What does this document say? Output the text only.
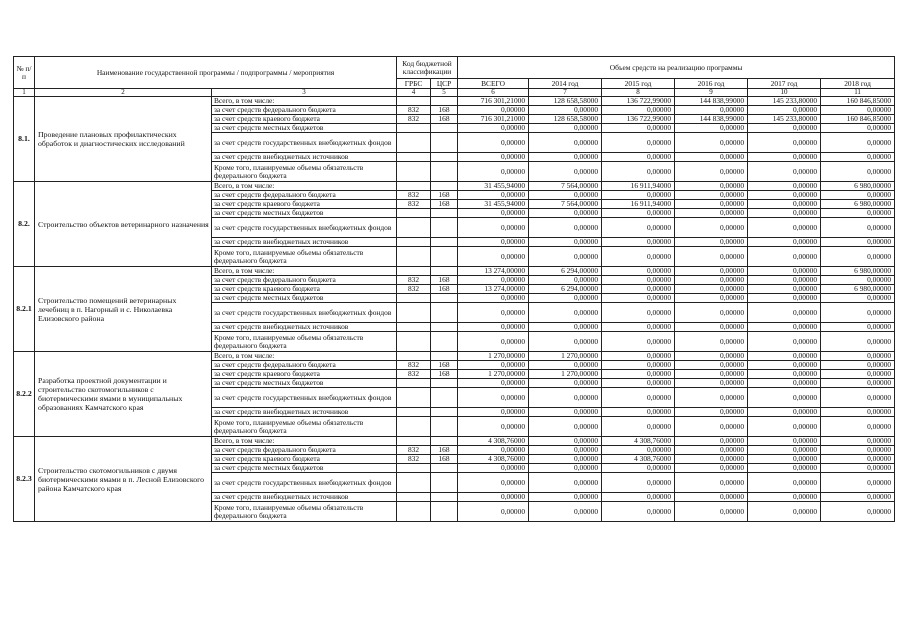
№ п/п	Наименование государственной программы / подпрограммы / мероприятия		Код бюджетной классификации		Объем средств на реализацию программы					
			ГРБС	ЦСР	ВСЕГО	2014 год	2015 год	2016 год	2017 год	2018 год
1	2	3	4	5	6	7	8	9	10	11
8.1.	Проведение плановых профилактических обработок и диагностических исследований	Всего, в том числе:			716 301,21000	128 658,58000	136 722,99000	144 838,99000	145 233,80000	160 846,85000
		за счет средств федерального бюджета	832	168	0,00000	0,00000	0,00000	0,00000	0,00000	0,00000
		за счет средств краевого бюджета	832	168	716 301,21000	128 658,58000	136 722,99000	144 838,99000	145 233,80000	160 846,85000
		за счет средств местных бюджетов			0,00000	0,00000	0,00000	0,00000	0,00000	0,00000
		за счет средств государственных внебюджетных фондов			0,00000	0,00000	0,00000	0,00000	0,00000	0,00000
		за счет средств внебюджетных источников			0,00000	0,00000	0,00000	0,00000	0,00000	0,00000
		Кроме того, планируемые объемы обязательств федерального бюджета			0,00000	0,00000	0,00000	0,00000	0,00000	0,00000
8.2.	Строительство объектов ветеринарного назначения	Всего, в том числе:			31 455,94000	7 564,00000	16 911,94000	0,00000	0,00000	6 980,00000
		за счет средств федерального бюджета	832	168	0,00000	0,00000	0,00000	0,00000	0,00000	0,00000
		за счет средств краевого бюджета	832	168	31 455,94000	7 564,00000	16 911,94000	0,00000	0,00000	6 980,00000
		за счет средств местных бюджетов			0,00000	0,00000	0,00000	0,00000	0,00000	0,00000
		за счет средств государственных внебюджетных фондов			0,00000	0,00000	0,00000	0,00000	0,00000	0,00000
		за счет средств внебюджетных источников			0,00000	0,00000	0,00000	0,00000	0,00000	0,00000
		Кроме того, планируемые объемы обязательств федерального бюджета			0,00000	0,00000	0,00000	0,00000	0,00000	0,00000
8.2.1	Строительство помещений ветеринарных лечебниц в п. Нагорный и с. Николаевка Елизовского района	Всего, в том числе:			13 274,00000	6 294,00000	0,00000	0,00000	0,00000	6 980,00000
		за счет средств федерального бюджета	832	168	0,00000	0,00000	0,00000	0,00000	0,00000	0,00000
		за счет средств краевого бюджета	832	168	13 274,00000	6 294,00000	0,00000	0,00000	0,00000	6 980,00000
		за счет средств местных бюджетов			0,00000	0,00000	0,00000	0,00000	0,00000	0,00000
		за счет средств государственных внебюджетных фондов			0,00000	0,00000	0,00000	0,00000	0,00000	0,00000
		за счет средств внебюджетных источников			0,00000	0,00000	0,00000	0,00000	0,00000	0,00000
		Кроме того, планируемые объемы обязательств федерального бюджета			0,00000	0,00000	0,00000	0,00000	0,00000	0,00000
8.2.2	Разработка проектной документации и строительство скотомогильников с биотермическими ямами в муниципальных образованиях Камчатского края	Всего, в том числе:			1 270,00000	1 270,00000	0,00000	0,00000	0,00000	0,00000
		за счет средств федерального бюджета	832	168	0,00000	0,00000	0,00000	0,00000	0,00000	0,00000
		за счет средств краевого бюджета	832	168	1 270,00000	1 270,00000	0,00000	0,00000	0,00000	0,00000
		за счет средств местных бюджетов			0,00000	0,00000	0,00000	0,00000	0,00000	0,00000
		за счет средств государственных внебюджетных фондов			0,00000	0,00000	0,00000	0,00000	0,00000	0,00000
		за счет средств внебюджетных источников			0,00000	0,00000	0,00000	0,00000	0,00000	0,00000
		Кроме того, планируемые объемы обязательств федерального бюджета			0,00000	0,00000	0,00000	0,00000	0,00000	0,00000
8.2.3	Строительство скотомогильников с двумя биотермическими ямами в п. Лесной Елизовского района Камчатского края	Всего, в том числе:			4 308,76000	0,00000	4 308,76000	0,00000	0,00000	0,00000
		за счет средств федерального бюджета	832	168	0,00000	0,00000	0,00000	0,00000	0,00000	0,00000
		за счет средств краевого бюджета	832	168	4 308,76000	0,00000	4 308,76000	0,00000	0,00000	0,00000
		за счет средств местных бюджетов			0,00000	0,00000	0,00000	0,00000	0,00000	0,00000
		за счет средств государственных внебюджетных фондов			0,00000	0,00000	0,00000	0,00000	0,00000	0,00000
		за счет средств внебюджетных источников			0,00000	0,00000	0,00000	0,00000	0,00000	0,00000
		Кроме того, планируемые объемы обязательств федерального бюджета			0,00000	0,00000	0,00000	0,00000	0,00000	0,00000
